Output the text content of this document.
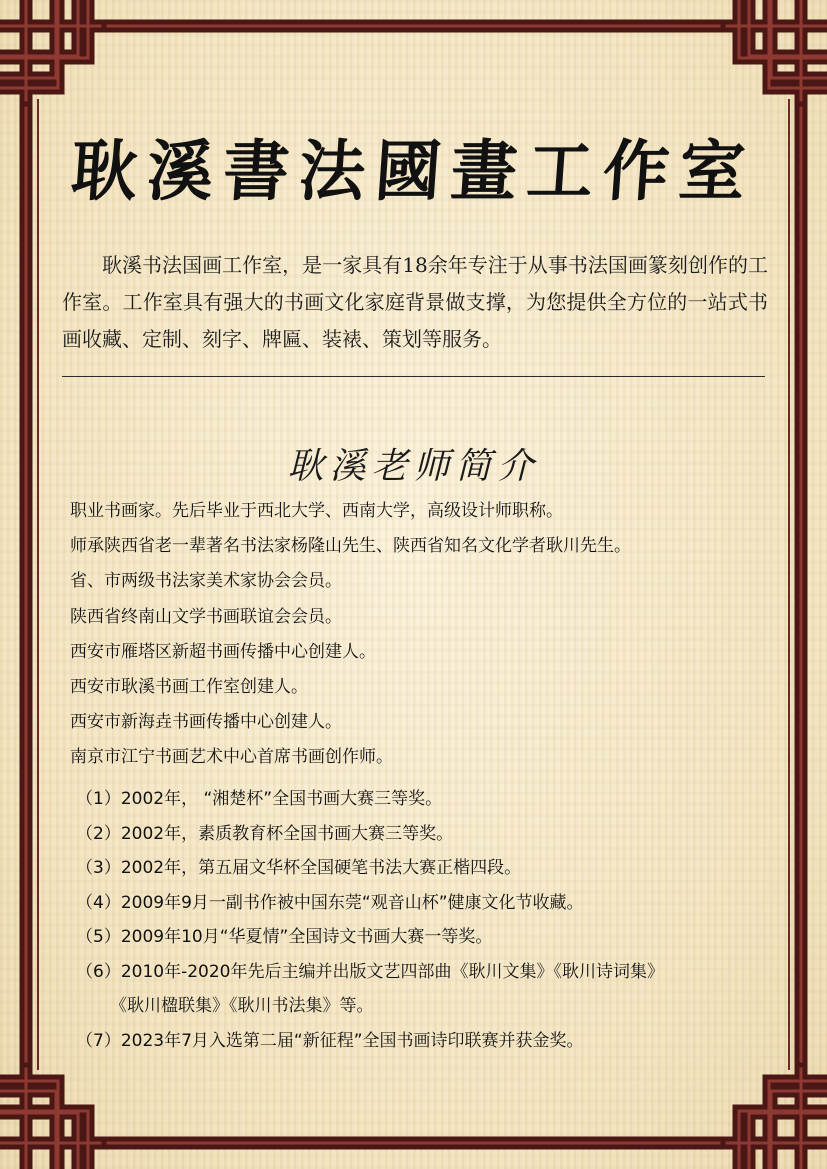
耿溪書法國畫工作室

耿溪书法国画工作室，是一家具有18余年专注于从事书法国画篆刻创作的工作室。工作室具有强大的书画文化家庭背景做支撑，为您提供全方位的一站式书画收藏、定制、刻字、牌匾、装裱、策划等服务。

耿溪老师简介
职业书画家。先后毕业于西北大学、西南大学，高级设计师职称。
师承陕西省老一辈著名书法家杨隆山先生、陕西省知名文化学者耿川先生。
省、市两级书法家美术家协会会员。
陕西省终南山文学书画联谊会会员。
西安市雁塔区新超书画传播中心创建人。
西安市耿溪书画工作室创建人。
西安市新海垚书画传播中心创建人。
南京市江宁书画艺术中心首席书画创作师。
（1）2002年， “湘楚杯”全国书画大赛三等奖。
（2）2002年，素质教育杯全国书画大赛三等奖。
（3）2002年，第五届文华杯全国硬笔书法大赛正楷四段。
（4）2009年9月一副书作被中国东莞“观音山杯”健康文化节收藏。
（5）2009年10月“华夏情”全国诗文书画大赛一等奖。
（6）2010年-2020年先后主编并出版文艺四部曲《耿川文集》《耿川诗词集》
《耿川楹联集》《耿川书法集》等。
（7）2023年7月入选第二届“新征程”全国书画诗印联赛并获金奖。
